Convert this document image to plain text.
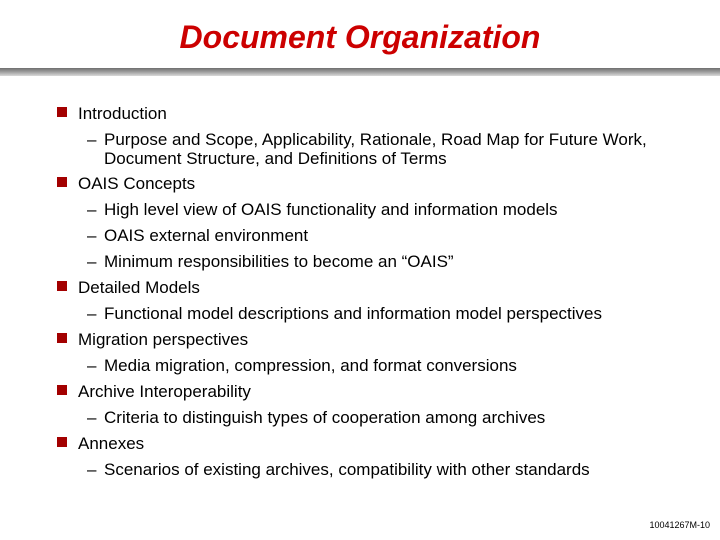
Document Organization
Introduction
– Purpose and Scope, Applicability, Rationale, Road Map for Future Work, Document Structure, and Definitions of Terms
OAIS Concepts
– High level view of OAIS functionality and information models
– OAIS external environment
– Minimum responsibilities to become an “OAIS”
Detailed Models
– Functional model descriptions and information model perspectives
Migration perspectives
– Media migration, compression, and format conversions
Archive Interoperability
– Criteria to distinguish types of cooperation among archives
Annexes
– Scenarios of existing archives, compatibility with other standards
10041267M-10
